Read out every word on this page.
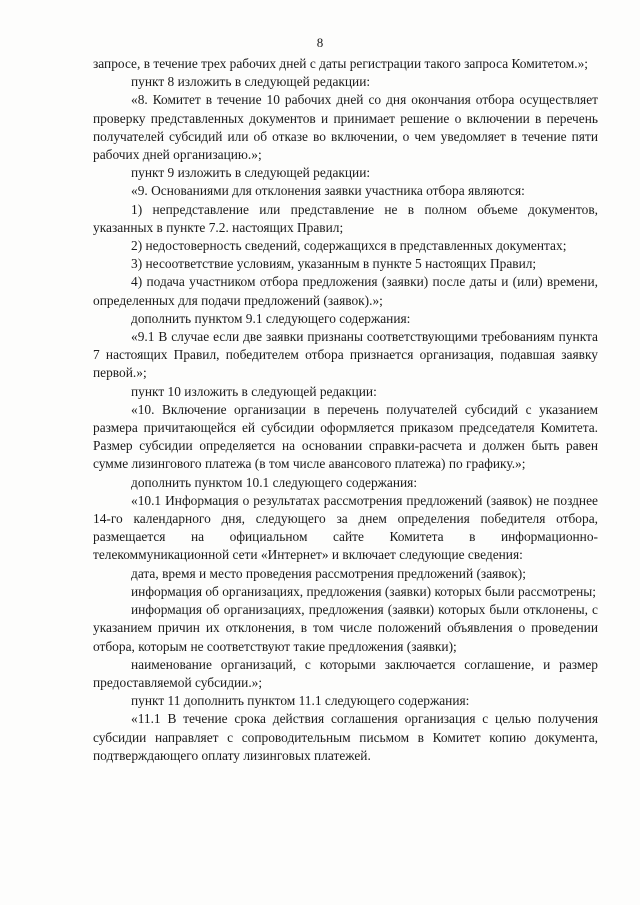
8

запросе, в течение трех рабочих дней с даты регистрации такого запроса Комитетом.»;

пункт 8 изложить в следующей редакции:

«8. Комитет в течение 10 рабочих дней со дня окончания отбора осуществляет проверку представленных документов и принимает решение о включении в перечень получателей субсидий или об отказе во включении, о чем уведомляет в течение пяти рабочих дней организацию.»;

пункт 9 изложить в следующей редакции:

«9. Основаниями для отклонения заявки участника отбора являются:

1) непредставление или представление не в полном объеме документов, указанных в пункте 7.2. настоящих Правил;

2) недостоверность сведений, содержащихся в представленных документах;

3) несоответствие условиям, указанным в пункте 5 настоящих Правил;

4) подача участником отбора предложения (заявки) после даты и (или) времени, определенных для подачи предложений (заявок).»;

дополнить пунктом 9.1 следующего содержания:

«9.1 В случае если две заявки признаны соответствующими требованиям пункта 7 настоящих Правил, победителем отбора признается организация, подавшая заявку первой.»;

пункт 10 изложить в следующей редакции:

«10. Включение организации в перечень получателей субсидий с указанием размера причитающейся ей субсидии оформляется приказом председателя Комитета. Размер субсидии определяется на основании справки-расчета и должен быть равен сумме лизингового платежа (в том числе авансового платежа) по графику.»;

дополнить пунктом 10.1 следующего содержания:

«10.1 Информация о результатах рассмотрения предложений (заявок) не позднее 14-го календарного дня, следующего за днем определения победителя отбора, размещается на официальном сайте Комитета в информационно-телекоммуникационной сети «Интернет» и включает следующие сведения:

дата, время и место проведения рассмотрения предложений (заявок);

информация об организациях, предложения (заявки) которых были рассмотрены;

информация об организациях, предложения (заявки) которых были отклонены, с указанием причин их отклонения, в том числе положений объявления о проведении отбора, которым не соответствуют такие предложения (заявки);

наименование организаций, с которыми заключается соглашение, и размер предоставляемой субсидии.»;

пункт 11 дополнить пунктом 11.1 следующего содержания:

«11.1 В течение срока действия соглашения организация с целью получения субсидии направляет с сопроводительным письмом в Комитет копию документа, подтверждающего оплату лизинговых платежей.
